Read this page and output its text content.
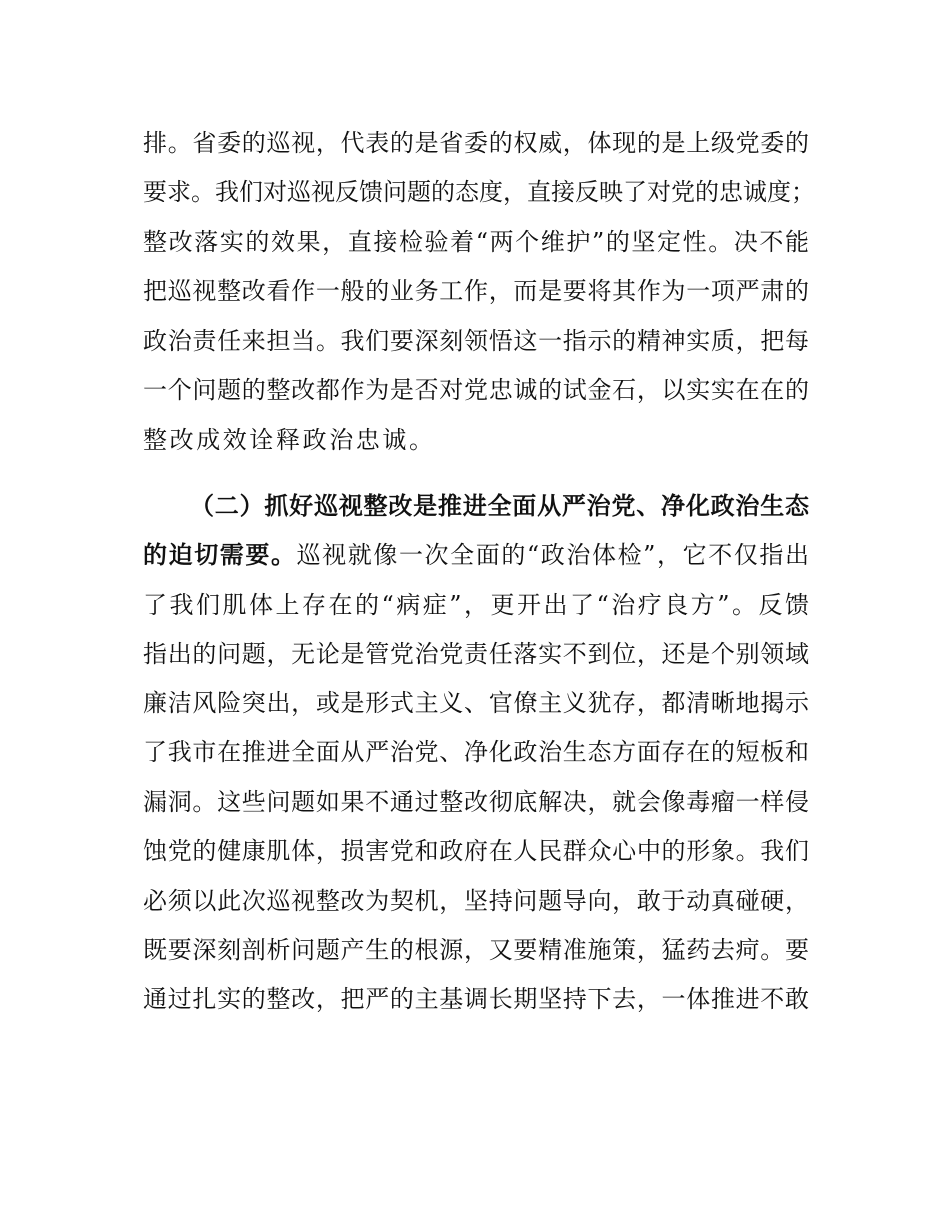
排。省委的巡视，代表的是省委的权威，体现的是上级党委的
要求。我们对巡视反馈问题的态度，直接反映了对党的忠诚度；
整改落实的效果，直接检验着“两个维护”的坚定性。决不能
把巡视整改看作一般的业务工作，而是要将其作为一项严肃的
政治责任来担当。我们要深刻领悟这一指示的精神实质，把每
一个问题的整改都作为是否对党忠诚的试金石，以实实在在的
整改成效诠释政治忠诚。
（二）抓好巡视整改是推进全面从严治党、净化政治生态
的迫切需要。巡视就像一次全面的“政治体检”，它不仅指出
了我们肌体上存在的“病症”，更开出了“治疗良方”。反馈
指出的问题，无论是管党治党责任落实不到位，还是个别领域
廉洁风险突出，或是形式主义、官僚主义犹存，都清晰地揭示
了我市在推进全面从严治党、净化政治生态方面存在的短板和
漏洞。这些问题如果不通过整改彻底解决，就会像毒瘤一样侵
蚀党的健康肌体，损害党和政府在人民群众心中的形象。我们
必须以此次巡视整改为契机，坚持问题导向，敢于动真碰硬，
既要深刻剖析问题产生的根源，又要精准施策，猛药去疴。要
通过扎实的整改，把严的主基调长期坚持下去，一体推进不敢
